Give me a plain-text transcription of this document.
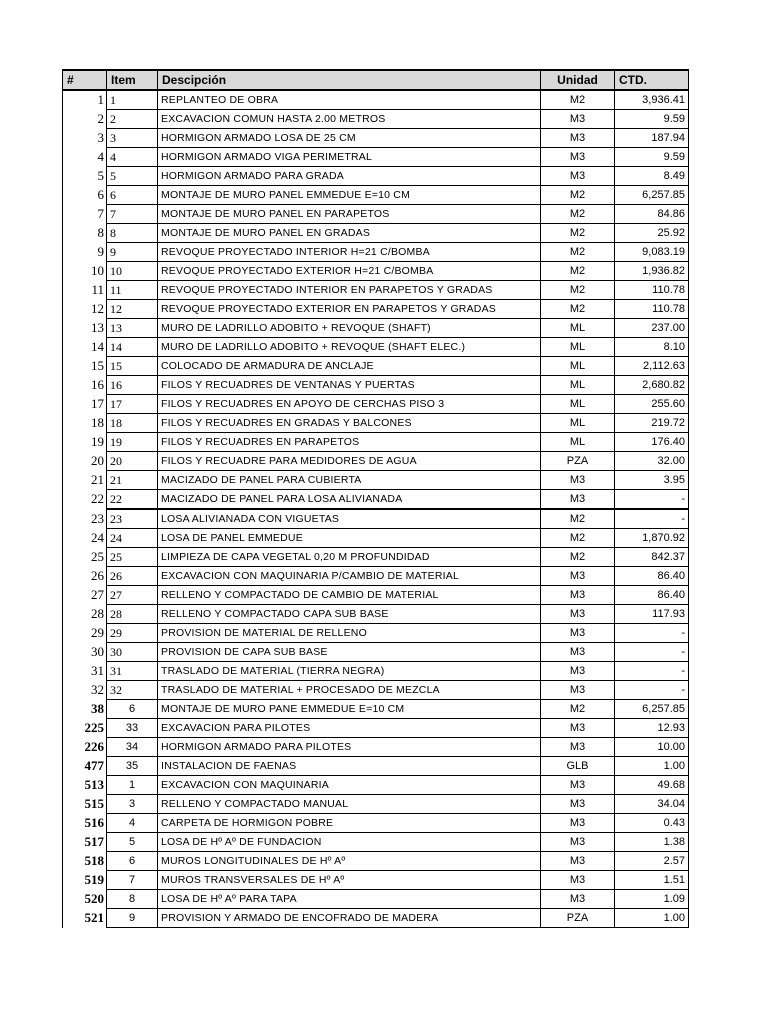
#	Item	Descipción	Unidad	CTD.
1	1	REPLANTEO DE OBRA	M2	3,936.41
2	2	EXCAVACION COMUN HASTA 2.00 METROS	M3	9.59
3	3	HORMIGON ARMADO LOSA DE 25 CM	M3	187.94
4	4	HORMIGON ARMADO VIGA PERIMETRAL	M3	9.59
5	5	HORMIGON ARMADO PARA GRADA	M3	8.49
6	6	MONTAJE DE MURO PANEL EMMEDUE E=10 CM	M2	6,257.85
7	7	MONTAJE DE MURO PANEL EN PARAPETOS	M2	84.86
8	8	MONTAJE DE MURO PANEL EN GRADAS	M2	25.92
9	9	REVOQUE PROYECTADO INTERIOR H=21 C/BOMBA	M2	9,083.19
10	10	REVOQUE PROYECTADO EXTERIOR H=21 C/BOMBA	M2	1,936.82
11	11	REVOQUE PROYECTADO INTERIOR EN PARAPETOS Y GRADAS	M2	110.78
12	12	REVOQUE PROYECTADO EXTERIOR EN PARAPETOS Y GRADAS	M2	110.78
13	13	MURO DE LADRILLO ADOBITO + REVOQUE (SHAFT)	ML	237.00
14	14	MURO DE LADRILLO ADOBITO + REVOQUE (SHAFT ELEC.)	ML	8.10
15	15	COLOCADO DE ARMADURA DE ANCLAJE	ML	2,112.63
16	16	FILOS Y RECUADRES DE VENTANAS Y PUERTAS	ML	2,680.82
17	17	FILOS Y RECUADRES EN APOYO DE CERCHAS PISO 3	ML	255.60
18	18	FILOS Y RECUADRES EN GRADAS Y BALCONES	ML	219.72
19	19	FILOS Y RECUADRES EN PARAPETOS	ML	176.40
20	20	FILOS Y RECUADRE PARA MEDIDORES DE AGUA	PZA	32.00
21	21	MACIZADO DE PANEL PARA CUBIERTA	M3	3.95
22	22	MACIZADO DE PANEL PARA LOSA ALIVIANADA	M3	-
23	23	LOSA ALIVIANADA CON VIGUETAS	M2	-
24	24	LOSA DE PANEL EMMEDUE	M2	1,870.92
25	25	LIMPIEZA DE CAPA VEGETAL 0,20 M PROFUNDIDAD	M2	842.37
26	26	EXCAVACION CON MAQUINARIA P/CAMBIO DE MATERIAL	M3	86.40
27	27	RELLENO Y COMPACTADO DE CAMBIO DE MATERIAL	M3	86.40
28	28	RELLENO Y COMPACTADO CAPA SUB BASE	M3	117.93
29	29	PROVISION DE MATERIAL DE RELLENO	M3	-
30	30	PROVISION DE CAPA SUB BASE	M3	-
31	31	TRASLADO DE MATERIAL (TIERRA NEGRA)	M3	-
32	32	TRASLADO DE MATERIAL + PROCESADO DE MEZCLA	M3	-
38	6	MONTAJE DE MURO PANE EMMEDUE E=10 CM	M2	6,257.85
225	33	EXCAVACION PARA PILOTES	M3	12.93
226	34	HORMIGON ARMADO PARA PILOTES	M3	10.00
477	35	INSTALACION DE FAENAS	GLB	1.00
513	1	EXCAVACION CON MAQUINARIA	M3	49.68
515	3	RELLENO Y COMPACTADO MANUAL	M3	34.04
516	4	CARPETA DE HORMIGON POBRE	M3	0.43
517	5	LOSA DE Hº Aº DE FUNDACION	M3	1.38
518	6	MUROS LONGITUDINALES DE Hº Aº	M3	2.57
519	7	MUROS TRANSVERSALES DE Hº Aº	M3	1.51
520	8	LOSA DE Hº Aº PARA TAPA	M3	1.09
521	9	PROVISION Y ARMADO DE ENCOFRADO DE MADERA	PZA	1.00
